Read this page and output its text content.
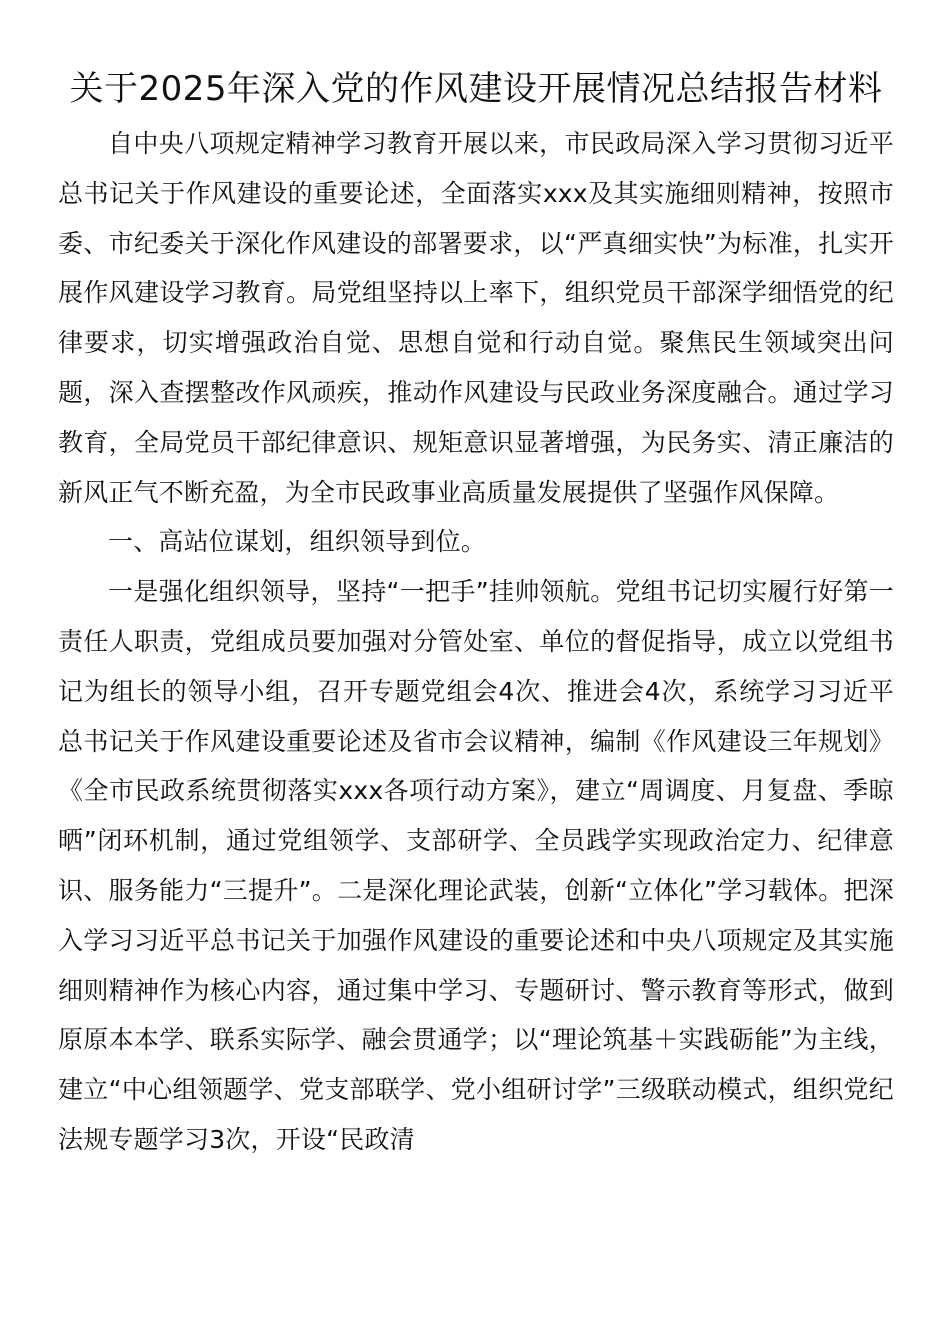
关于2025年深入党的作风建设开展情况总结报告材料

自中央八项规定精神学习教育开展以来，市民政局深入学习贯彻习近平总书记关于作风建设的重要论述，全面落实xxx及其实施细则精神，按照市委、市纪委关于深化作风建设的部署要求，以“严真细实快”为标准，扎实开展作风建设学习教育。局党组坚持以上率下，组织党员干部深学细悟党的纪律要求，切实增强政治自觉、思想自觉和行动自觉。聚焦民生领域突出问题，深入查摆整改作风顽疾，推动作风建设与民政业务深度融合。通过学习教育，全局党员干部纪律意识、规矩意识显著增强，为民务实、清正廉洁的新风正气不断充盈，为全市民政事业高质量发展提供了坚强作风保障。

一、高站位谋划，组织领导到位。

一是强化组织领导，坚持“一把手”挂帅领航。党组书记切实履行好第一责任人职责，党组成员要加强对分管处室、单位的督促指导，成立以党组书记为组长的领导小组，召开专题党组会4次、推进会4次，系统学习习近平总书记关于作风建设重要论述及省市会议精神，编制《作风建设三年规划》《全市民政系统贯彻落实xxx各项行动方案》，建立“周调度、月复盘、季晾晒”闭环机制，通过党组领学、支部研学、全员践学实现政治定力、纪律意识、服务能力“三提升”。二是深化理论武装，创新“立体化”学习载体。把深入学习习近平总书记关于加强作风建设的重要论述和中央八项规定及其实施细则精神作为核心内容，通过集中学习、专题研讨、警示教育等形式，做到原原本本学、联系实际学、融会贯通学；以“理论筑基＋实践砺能”为主线，建立“中心组领题学、党支部联学、党小组研讨学”三级联动模式，组织党纪法规专题学习3次，开设“民政清
